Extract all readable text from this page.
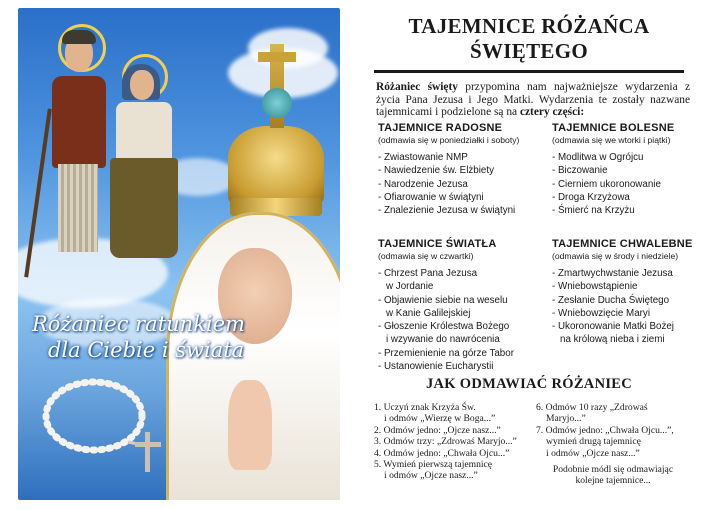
Różaniec ratunkiem
dla Ciebie i świata
TAJEMNICE RÓŻAŃCA ŚWIĘTEGO

Różaniec święty przypomina nam najważniejsze wydarzenia z życia Pana Jezusa i Jego Matki. Wydarzenia te zostały nazwane tajemnicami i podzielone są na cztery części:

TAJEMNICE RADOSNE
(odmawia się w poniedziałki i soboty)
- Zwiastowanie NMP
- Nawiedzenie św. Elżbiety
- Narodzenie Jezusa
- Ofiarowanie w świątyni
- Znalezienie Jezusa w świątyni
TAJEMNICE BOLESNE
(odmawia się we wtorki i piątki)
- Modlitwa w Ogrójcu
- Biczowanie
- Cierniem ukoronowanie
- Droga Krzyżowa
- Śmierć na Krzyżu
TAJEMNICE ŚWIATŁA
(odmawia się w czwartki)
- Chrzest Pana Jezusa
w Jordanie
- Objawienie siebie na weselu
w Kanie Galilejskiej
- Głoszenie Królestwa Bożego
i wzywanie do nawrócenia
- Przemienienie na górze Tabor
- Ustanowienie Eucharystii
TAJEMNICE CHWALEBNE
(odmawia się w środy i niedziele)
- Zmartwychwstanie Jezusa
- Wniebowstąpienie
- Zesłanie Ducha Świętego
- Wniebowzięcie Maryi
- Ukoronowanie Matki Bożej
na królową nieba i ziemi
JAK ODMAWIAĆ RÓŻANIEC
1. Uczyń znak Krzyża Św.
i odmów „Wierzę w Boga...”
2. Odmów jedno: „Ojcze nasz...”
3. Odmów trzy: „Zdrowaś Maryjo...”
4. Odmów jedno: „Chwała Ojcu...”
5. Wymień pierwszą tajemnicę
i odmów „Ojcze nasz...”
6. Odmów 10 razy „Zdrowaś
Maryjo...”
7. Odmów jedno: „Chwała Ojcu...”,
wymień drugą tajemnicę
i odmów „Ojcze nasz...”
Podobnie módl się odmawiając
kolejne tajemnice...
